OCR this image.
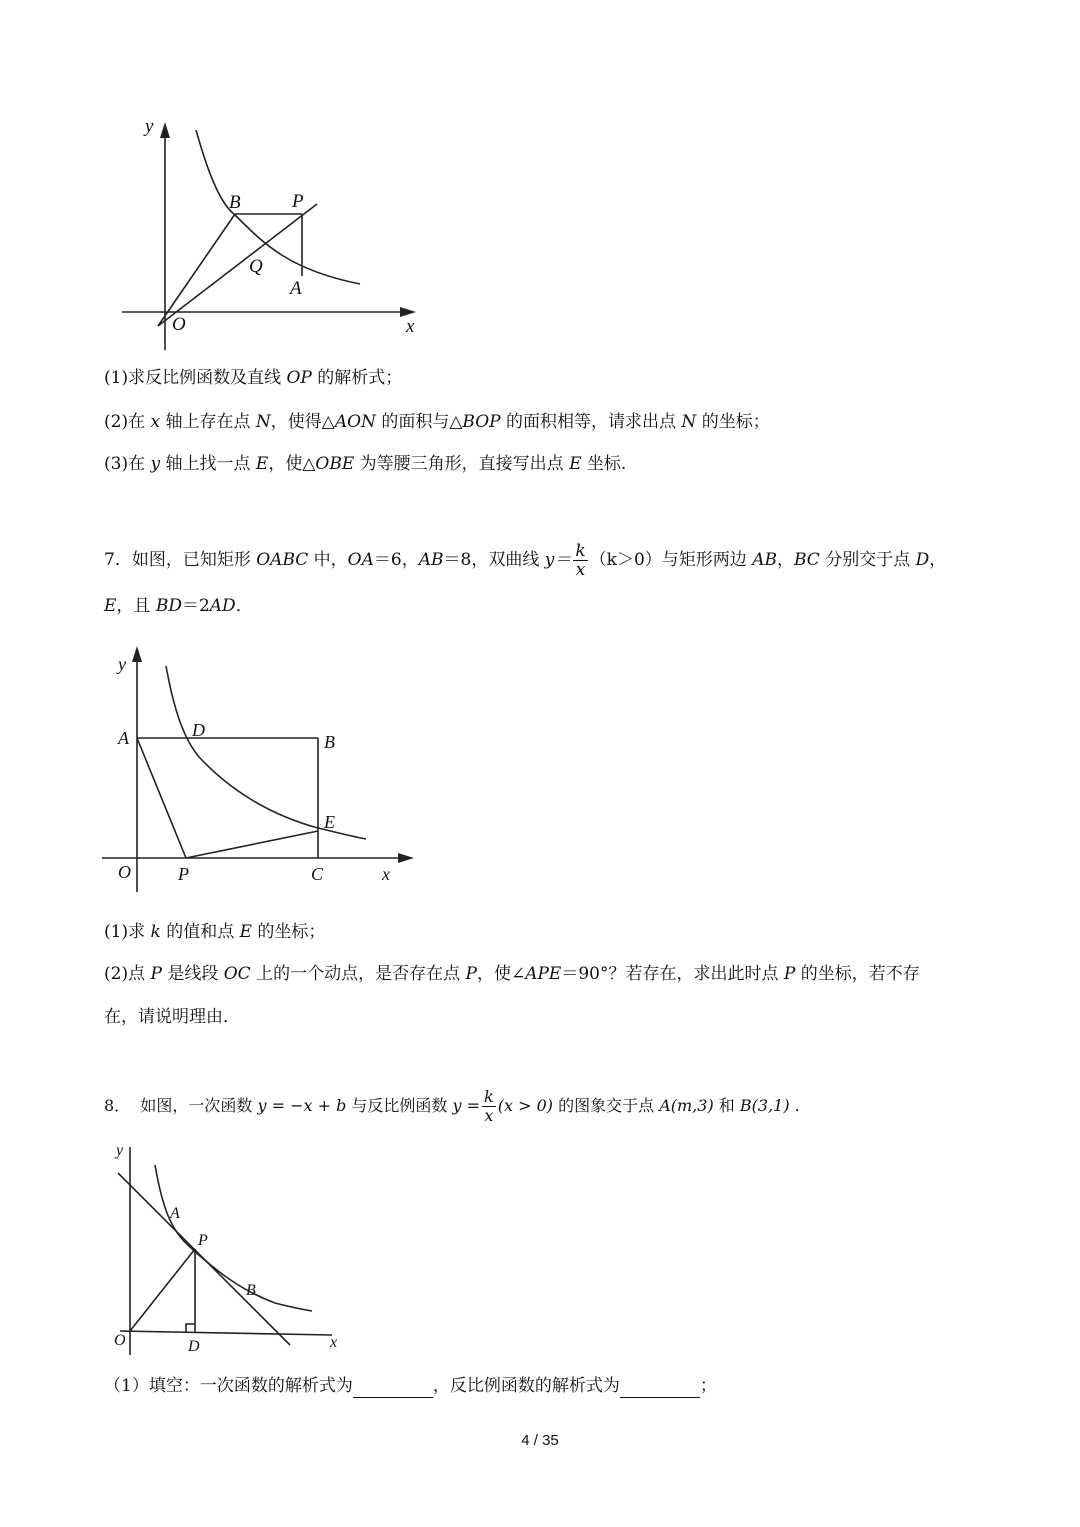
y
x
O
B	P
Q
A
(1)求反比例函数及直线 OP 的解析式；
(2)在 x 轴上存在点 N，使得△AON 的面积与△BOP 的面积相等，请求出点 N 的坐标；
(3)在 y 轴上找一点 E，使△OBE 为等腰三角形，直接写出点 E 坐标.
7．如图，已知矩形 OABC 中，OA＝6，AB＝8，双曲线 $y= \frac{k}{x} (k>0)$与矩形两边 AB，BC 分别交于点 D，
E，且 BD＝2AD．
y
A	D
B
E
O	P	C	x
(1)求 k 的值和点 E 的坐标；
(2)点 P 是线段 OC 上的一个动点，是否存在点 P，使∠APE＝90°？若存在，求出此时点 P 的坐标，若不存
在，请说明理由．
8． 如图，一次函数 y = −x + b 与反比例函数 $y = \frac{k}{x} (x > 0)$ 的图象交于点 A(m,3) 和 B(3,1) .
y
A
P
B
O	D	x
（1）填空：一次函数的解析式为	，反比例函数的解析式为	；
4 / 35
